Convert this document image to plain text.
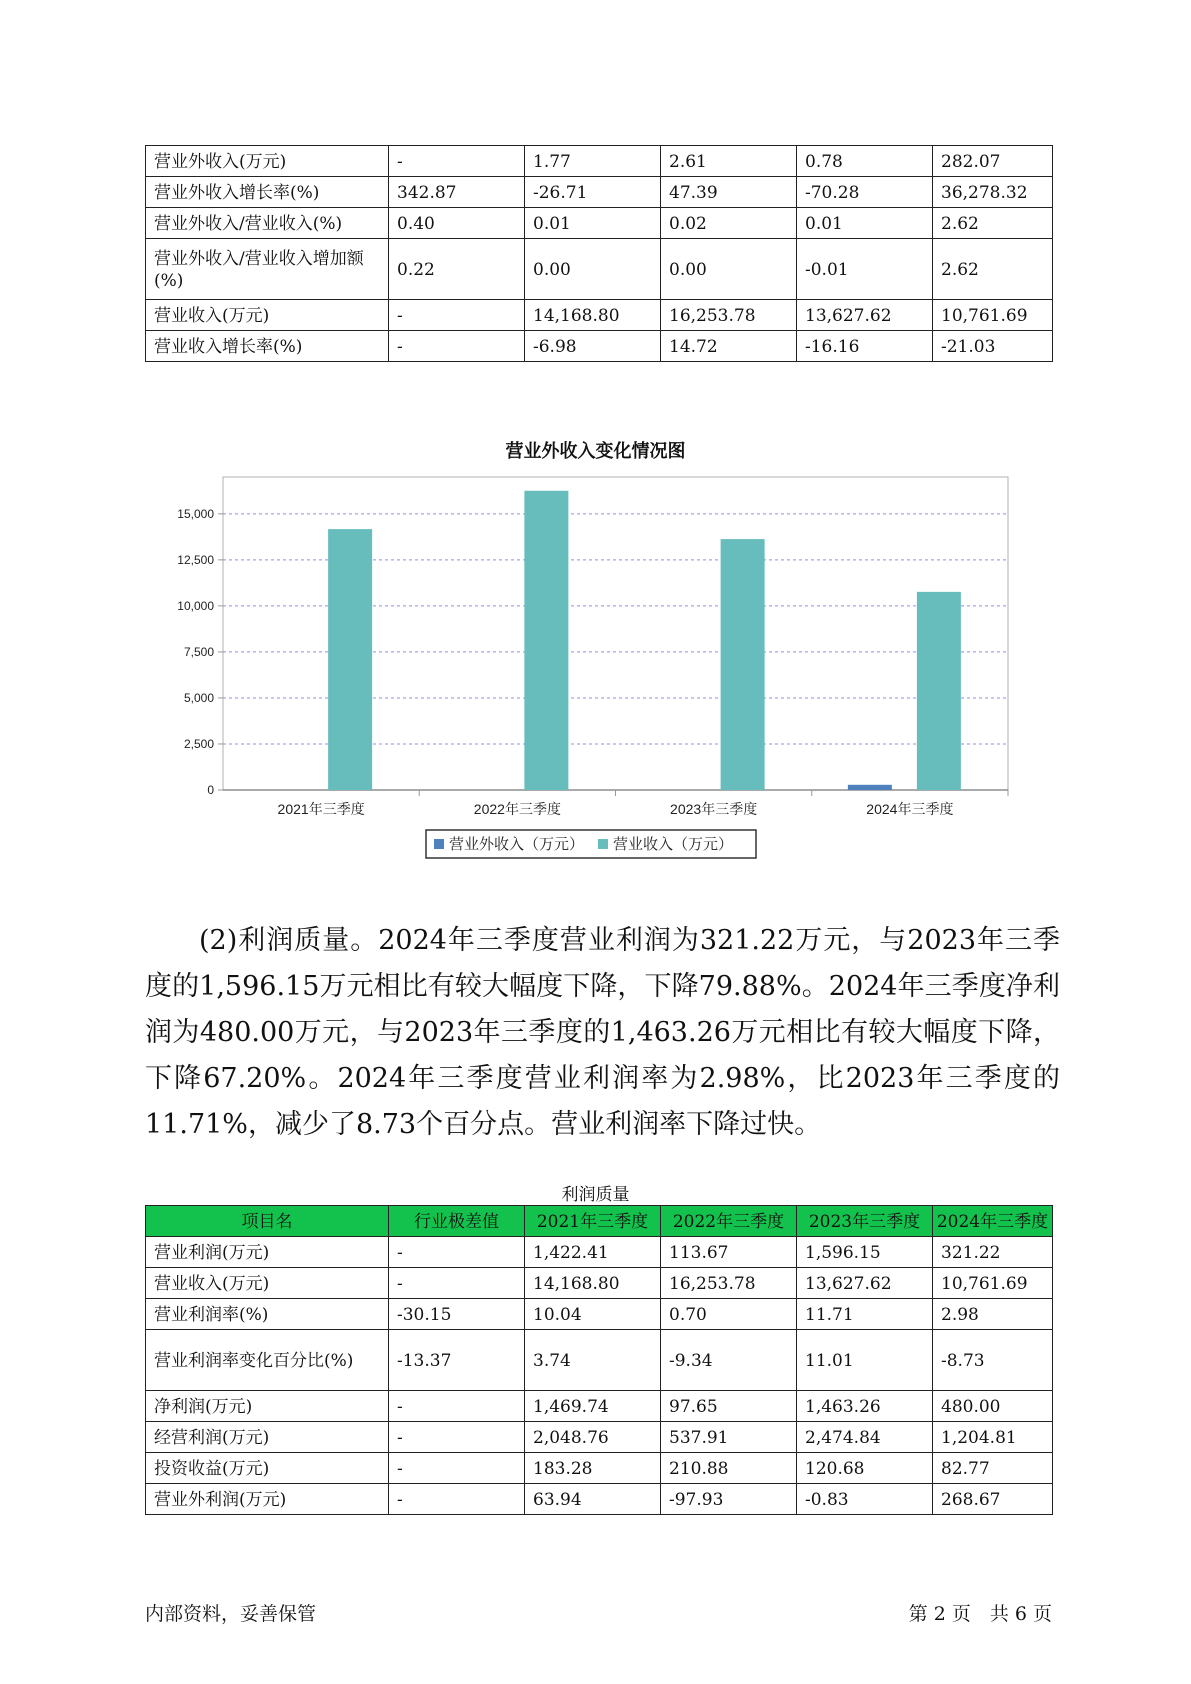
营业外收入(万元)	-	1.77	2.61	0.78	282.07
营业外收入增长率(%)	342.87	-26.71	47.39	-70.28	36,278.32
营业外收入/营业收入(%)	0.40	0.01	0.02	0.01	2.62
营业外收入/营业收入增加额(%)	0.22	0.00	0.00	-0.01	2.62
营业收入(万元)	-	14,168.80	16,253.78	13,627.62	10,761.69
营业收入增长率(%)	-	-6.98	14.72	-16.16	-21.03
营业外收入变化情况图
0
2,500
5,000
7,500
10,000
12,500
15,000
2021年三季度	2022年三季度	2023年三季度	2024年三季度
营业外收入（万元） 营业收入（万元）

(2)利润质量。2024年三季度营业利润为321.22万元，与2023年三季度的1,596.15万元相比有较大幅度下降，下降79.88%。2024年三季度净利润为480.00万元，与2023年三季度的1,463.26万元相比有较大幅度下降，下降67.20%。2024年三季度营业利润率为2.98%，比2023年三季度的11.71%，减少了8.73个百分点。营业利润率下降过快。

利润质量
项目名	行业极差值	2021年三季度	2022年三季度	2023年三季度	2024年三季度
营业利润(万元)	-	1,422.41	113.67	1,596.15	321.22
营业收入(万元)	-	14,168.80	16,253.78	13,627.62	10,761.69
营业利润率(%)	-30.15	10.04	0.70	11.71	2.98
营业利润率变化百分比(%)	-13.37	3.74	-9.34	11.01	-8.73
净利润(万元)	-	1,469.74	97.65	1,463.26	480.00
经营利润(万元)	-	2,048.76	537.91	2,474.84	1,204.81
投资收益(万元)	-	183.28	210.88	120.68	82.77
营业外利润(万元)	-	63.94	-97.93	-0.83	268.67
内部资料，妥善保管	第 2 页　共 6 页
